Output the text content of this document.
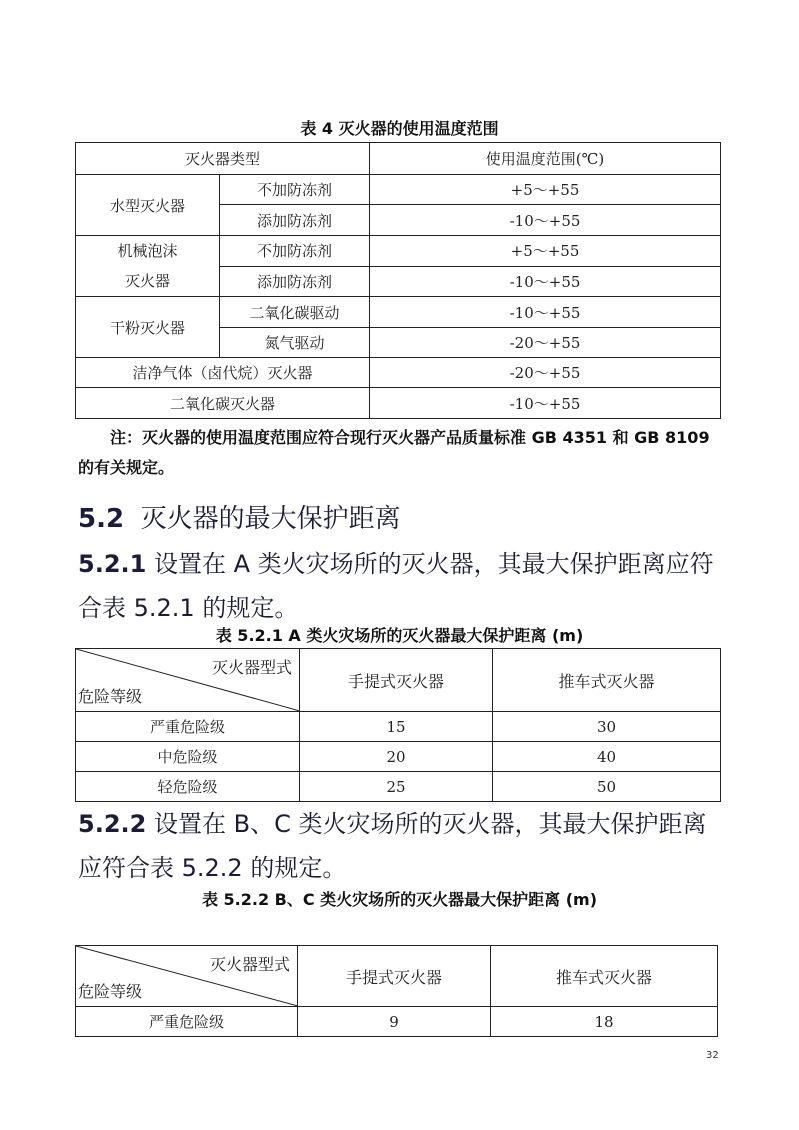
表 4 灭火器的使用温度范围
灭火器类型		使用温度范围(℃)
水型灭火器	不加防冻剂	+5～+55
	添加防冻剂	-10～+55

机械泡沫
灭火器	不加防冻剂	+5～+55
	添加防冻剂	-10～+55
干粉灭火器	二氧化碳驱动	-10～+55
	氮气驱动	-20～+55
洁净气体（卤代烷）灭火器		-20～+55
二氧化碳灭火器		-10～+55
注：灭火器的使用温度范围应符合现行灭火器产品质量标准 GB 4351 和 GB 8109 的有关规定。
5.2 灭火器的最大保护距离
5.2.1 设置在 A 类火灾场所的灭火器，其最大保护距离应符合表 5.2.1 的规定。
表 5.2.1 A 类火灾场所的灭火器最大保护距离 (m)
灭火器型式
危险等级	手提式灭火器	推车式灭火器
严重危险级	15	30
中危险级	20	40
轻危险级	25	50
5.2.2 设置在 B、C 类火灾场所的灭火器，其最大保护距离应符合表 5.2.2 的规定。
表 5.2.2 B、C 类火灾场所的灭火器最大保护距离 (m)
灭火器型式
危险等级	手提式灭火器	推车式灭火器
严重危险级	9	18
32
